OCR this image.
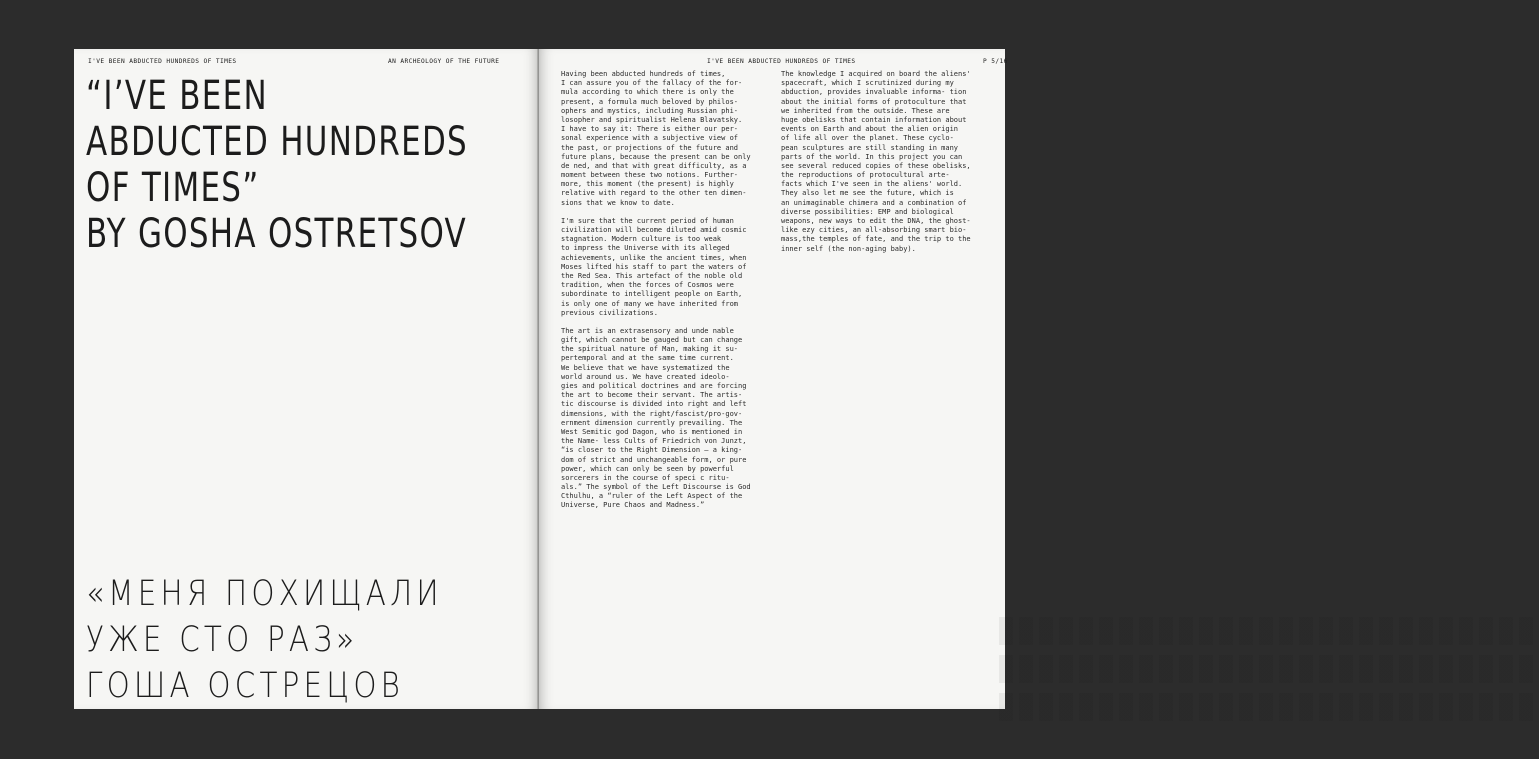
I'VE BEEN ABDUCTED HUNDREDS OF TIMES	AN ARCHEOLOGY OF THE FUTURE
“I’VE BEEN
ABDUCTED HUNDREDS
OF TIMES”
BY GOSHA OSTRETSOV
«МЕНЯ ПОХИЩАЛИ
УЖЕ СТО РАЗ»
ГОША ОСТРЕЦОВ
I'VE BEEN ABDUCTED HUNDREDS OF TIMES	P 5/16
Having been abducted hundreds of times,
I can assure you of the fallacy of the for-
mula according to which there is only the
present, a formula much beloved by philos-
ophers and mystics, including Russian phi-
losopher and spiritualist Helena Blavatsky.
I have to say it: There is either our per-
sonal experience with a subjective view of
the past, or projections of the future and
future plans, because the present can be only
de ned, and that with great difficulty, as a
moment between these two notions. Further-
more, this moment (the present) is highly
relative with regard to the other ten dimen-
sions that we know to date.
I'm sure that the current period of human
civilization will become diluted amid cosmic
stagnation. Modern culture is too weak
to impress the Universe with its alleged
achievements, unlike the ancient times, when
Moses lifted his staff to part the waters of
the Red Sea. This artefact of the noble old
tradition, when the forces of Cosmos were
subordinate to intelligent people on Earth,
is only one of many we have inherited from
previous civilizations.
The art is an extrasensory and unde nable
gift, which cannot be gauged but can change
the spiritual nature of Man, making it su-
pertemporal and at the same time current.
We believe that we have systematized the
world around us. We have created ideolo-
gies and political doctrines and are forcing
the art to become their servant. The artis-
tic discourse is divided into right and left
dimensions, with the right/fascist/pro-gov-
ernment dimension currently prevailing. The
West Semitic god Dagon, who is mentioned in
the Name- less Cults of Friedrich von Junzt,
“is closer to the Right Dimension – a king-
dom of strict and unchangeable form, or pure
power, which can only be seen by powerful
sorcerers in the course of speci c ritu-
als.” The symbol of the Left Discourse is God
Cthulhu, a “ruler of the Left Aspect of the
Universe, Pure Chaos and Madness.”
The knowledge I acquired on board the aliens'
spacecraft, which I scrutinized during my
abduction, provides invaluable informa- tion
about the initial forms of protoculture that
we inherited from the outside. These are
huge obelisks that contain information about
events on Earth and about the alien origin
of life all over the planet. These cyclo-
pean sculptures are still standing in many
parts of the world. In this project you can
see several reduced copies of these obelisks,
the reproductions of protocultural arte-
facts which I've seen in the aliens' world.
They also let me see the future, which is
an unimaginable chimera and a combination of
diverse possibilities: EMP and biological
weapons, new ways to edit the DNA, the ghost-
like ezy cities, an all-absorbing smart bio-
mass,the temples of fate, and the trip to the
inner self (the non-aging baby).
